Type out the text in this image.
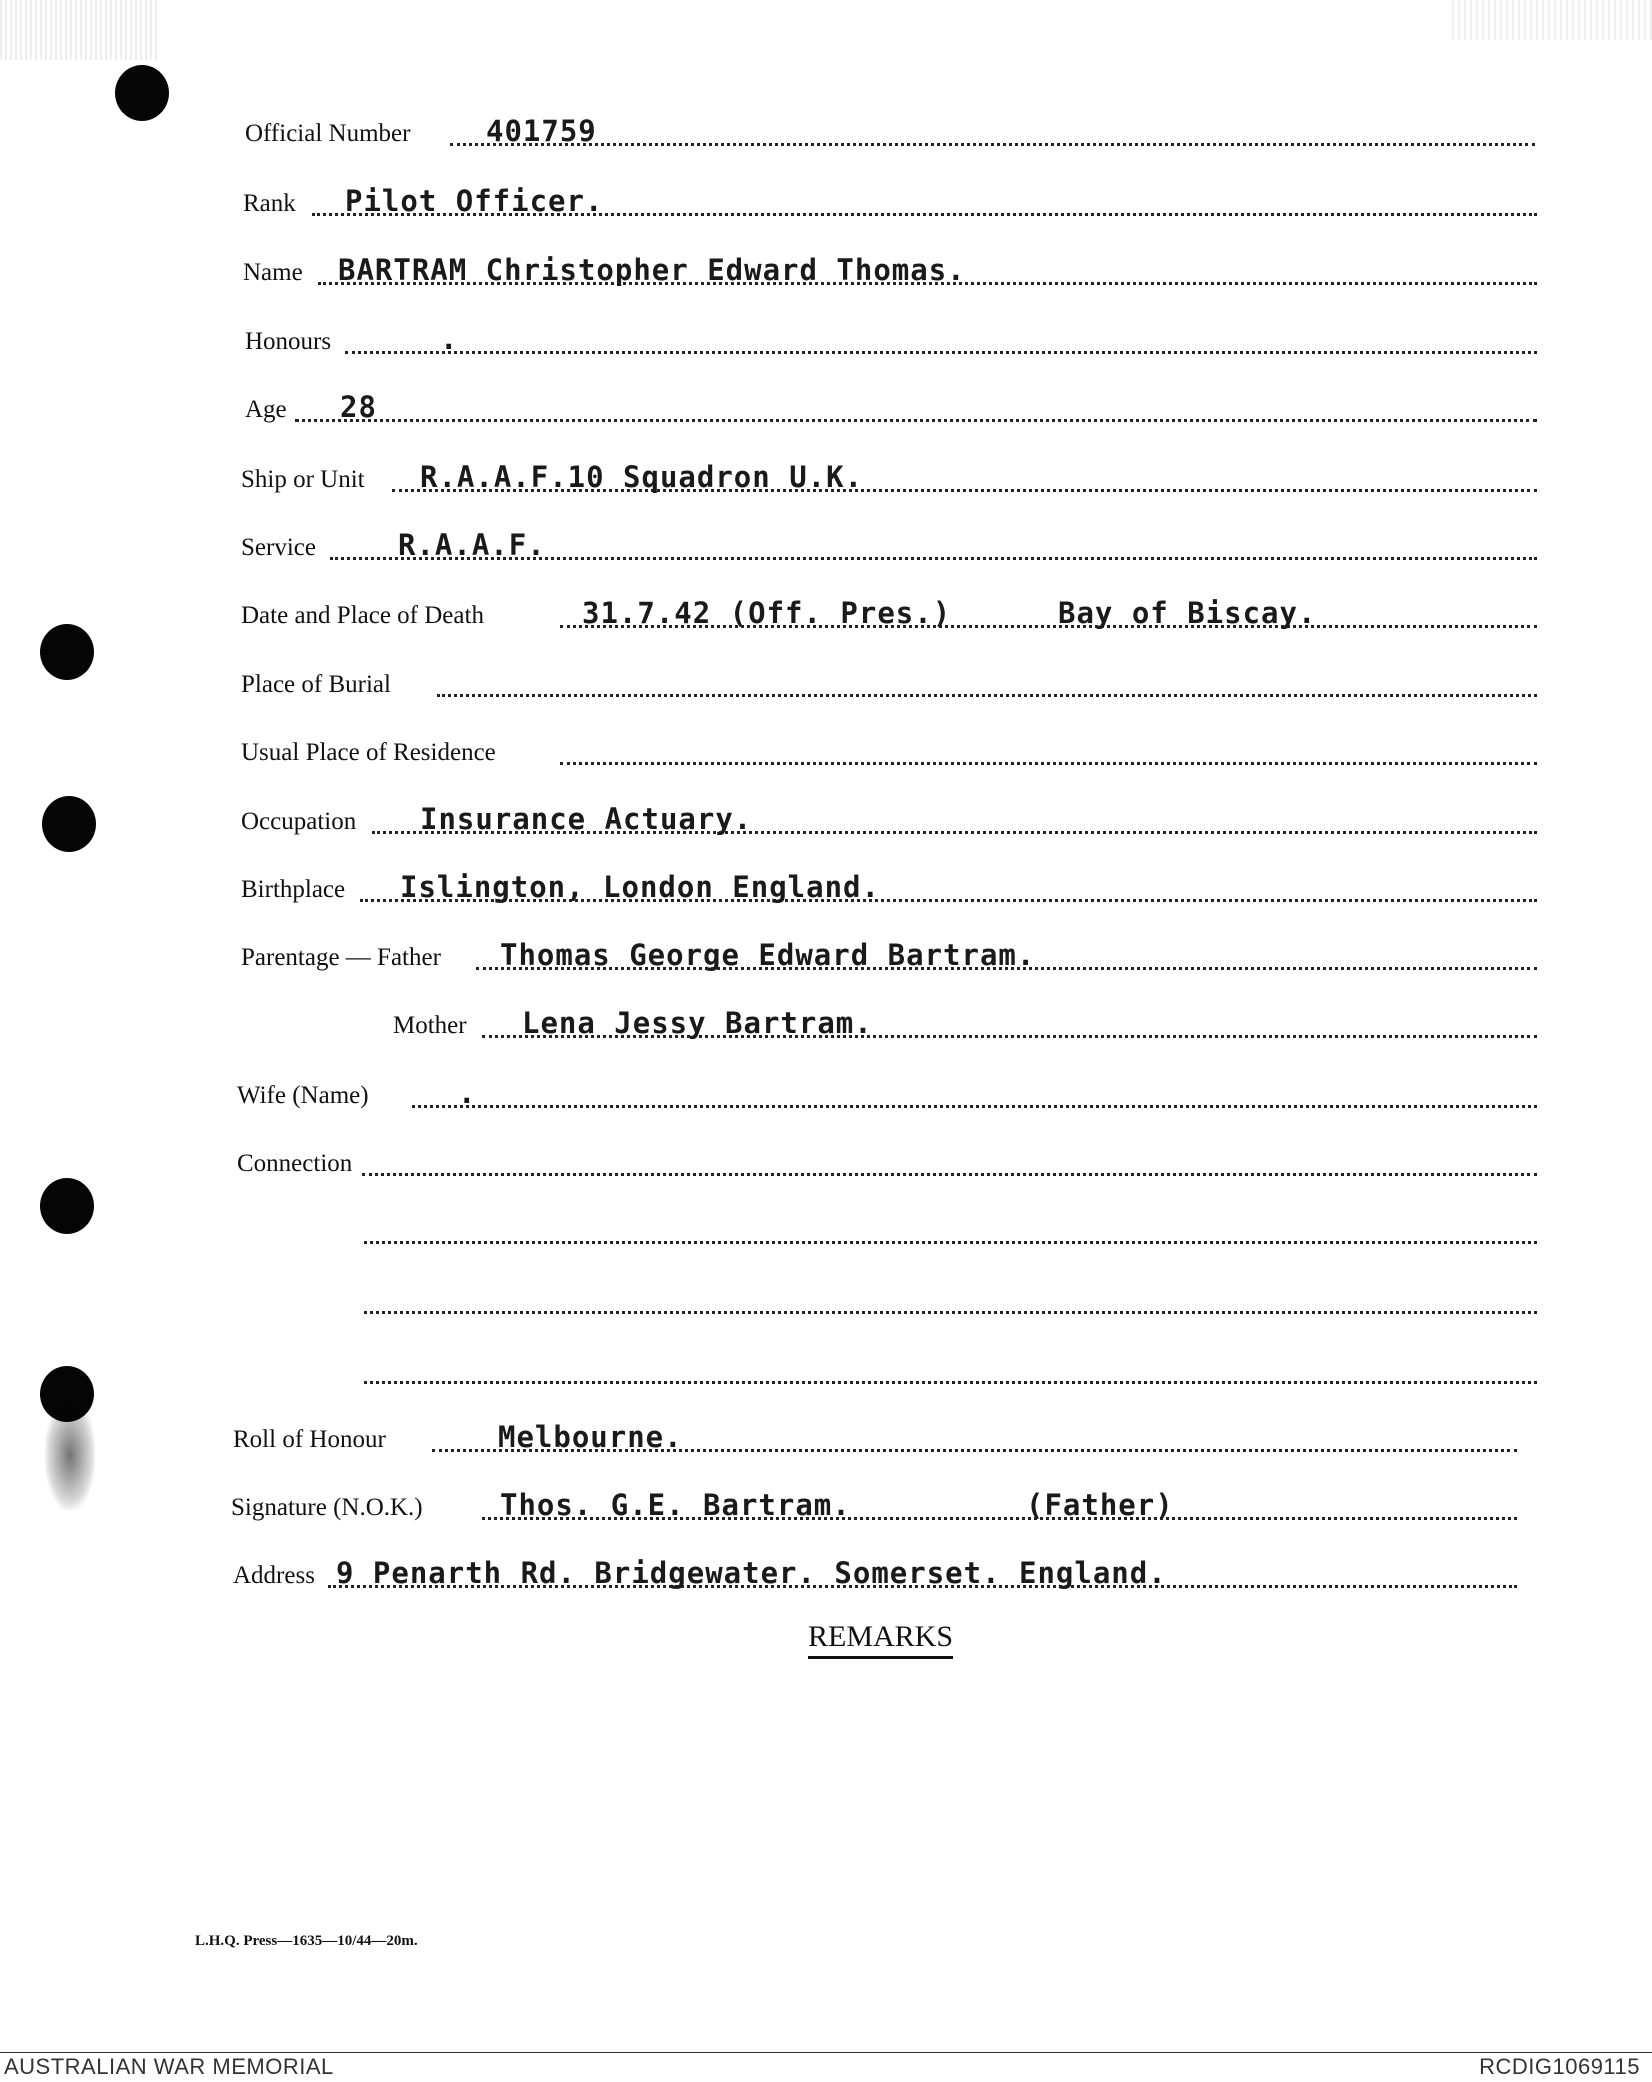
Official Number	401759
Rank Pilot Officer.
Name BARTRAM Christopher Edward Thomas.
Honours	.
Age 28
Ship or Unit R.A.A.F.10 Squadron U.K.
Service	R.A.A.F.
Date and Place of Death	31.7.42 (Off. Pres.)	Bay of Biscay.
Place of Burial
Usual Place of Residence
Occupation Insurance Actuary.
Birthplace Islington, London England.
Parentage — Father Thomas George Edward Bartram.
Mother Lena Jessy Bartram.
Wife (Name)	.
Connection
Roll of Honour	Melbourne.
Signature (N.O.K.)	Thos. G.E. Bartram.	(Father)
Address 9 Penarth Rd. Bridgewater. Somerset. England.
REMARKS
L.H.Q. Press—1635—10/44—20m.
AUSTRALIAN WAR MEMORIAL	RCDIG1069115
